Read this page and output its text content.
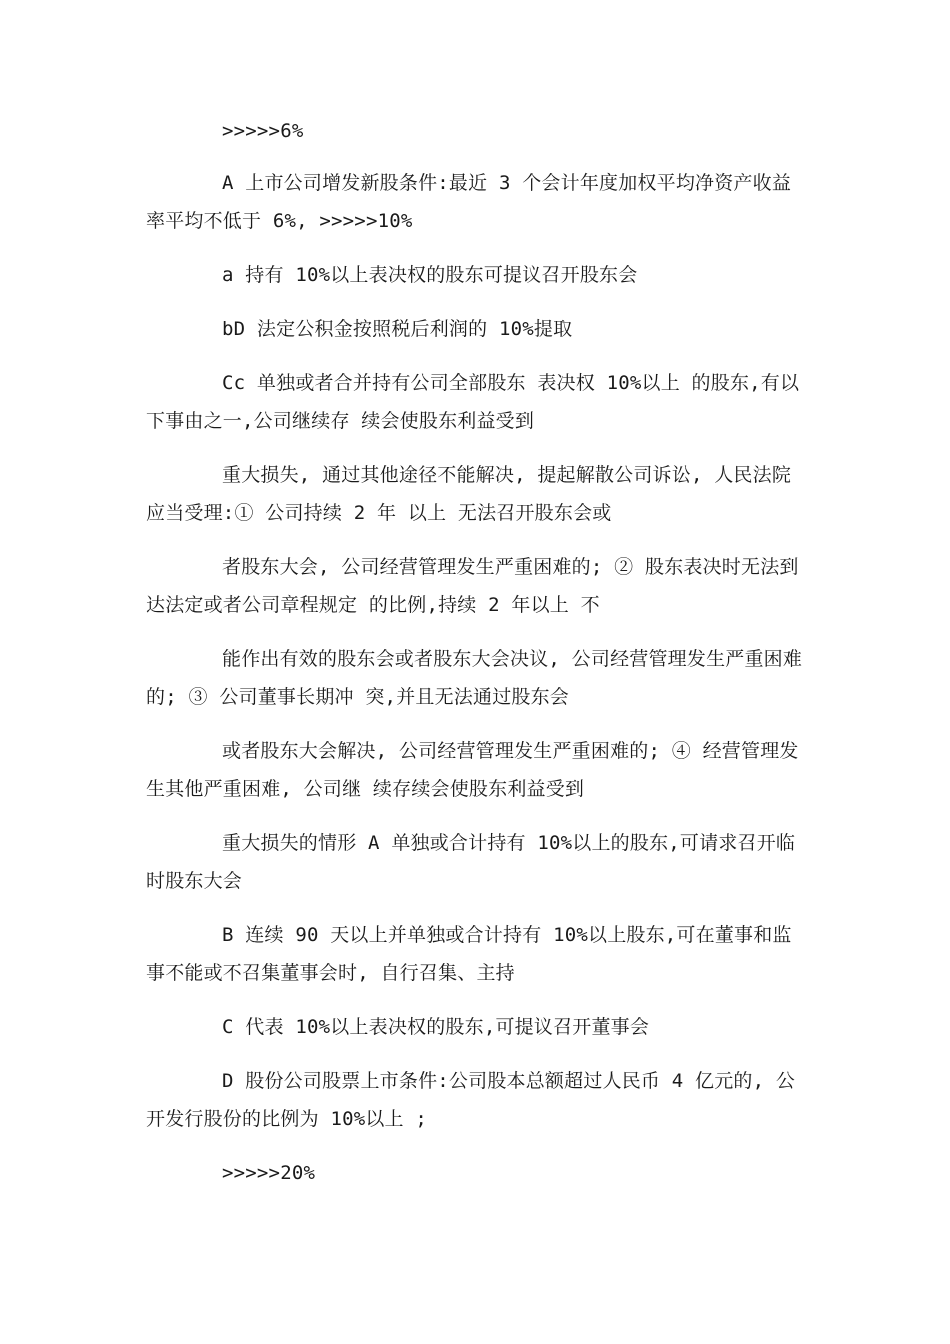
>>>>>6%

A 上市公司增发新股条件:最近 3 个会计年度加权平均净资产收益率平均不低于 6%, >>>>>10%

a 持有 10%以上表决权的股东可提议召开股东会

bD 法定公积金按照税后利润的 10%提取

Cc 单独或者合并持有公司全部股东 表决权 10%以上 的股东,有以下事由之一,公司继续存 续会使股东利益受到

重大损失, 通过其他途径不能解决, 提起解散公司诉讼, 人民法院应当受理:① 公司持续 2 年 以上 无法召开股东会或

者股东大会, 公司经营管理发生严重困难的; ② 股东表决时无法到达法定或者公司章程规定 的比例,持续 2 年以上 不

能作出有效的股东会或者股东大会决议, 公司经营管理发生严重困难的; ③ 公司董事长期冲 突,并且无法通过股东会

或者股东大会解决, 公司经营管理发生严重困难的; ④ 经营管理发生其他严重困难, 公司继 续存续会使股东利益受到

重大损失的情形 A 单独或合计持有 10%以上的股东,可请求召开临时股东大会

B 连续 90 天以上并单独或合计持有 10%以上股东,可在董事和监事不能或不召集董事会时, 自行召集、主持

C 代表 10%以上表决权的股东,可提议召开董事会

D 股份公司股票上市条件:公司股本总额超过人民币 4 亿元的, 公开发行股份的比例为 10%以上 ;

>>>>>20%
